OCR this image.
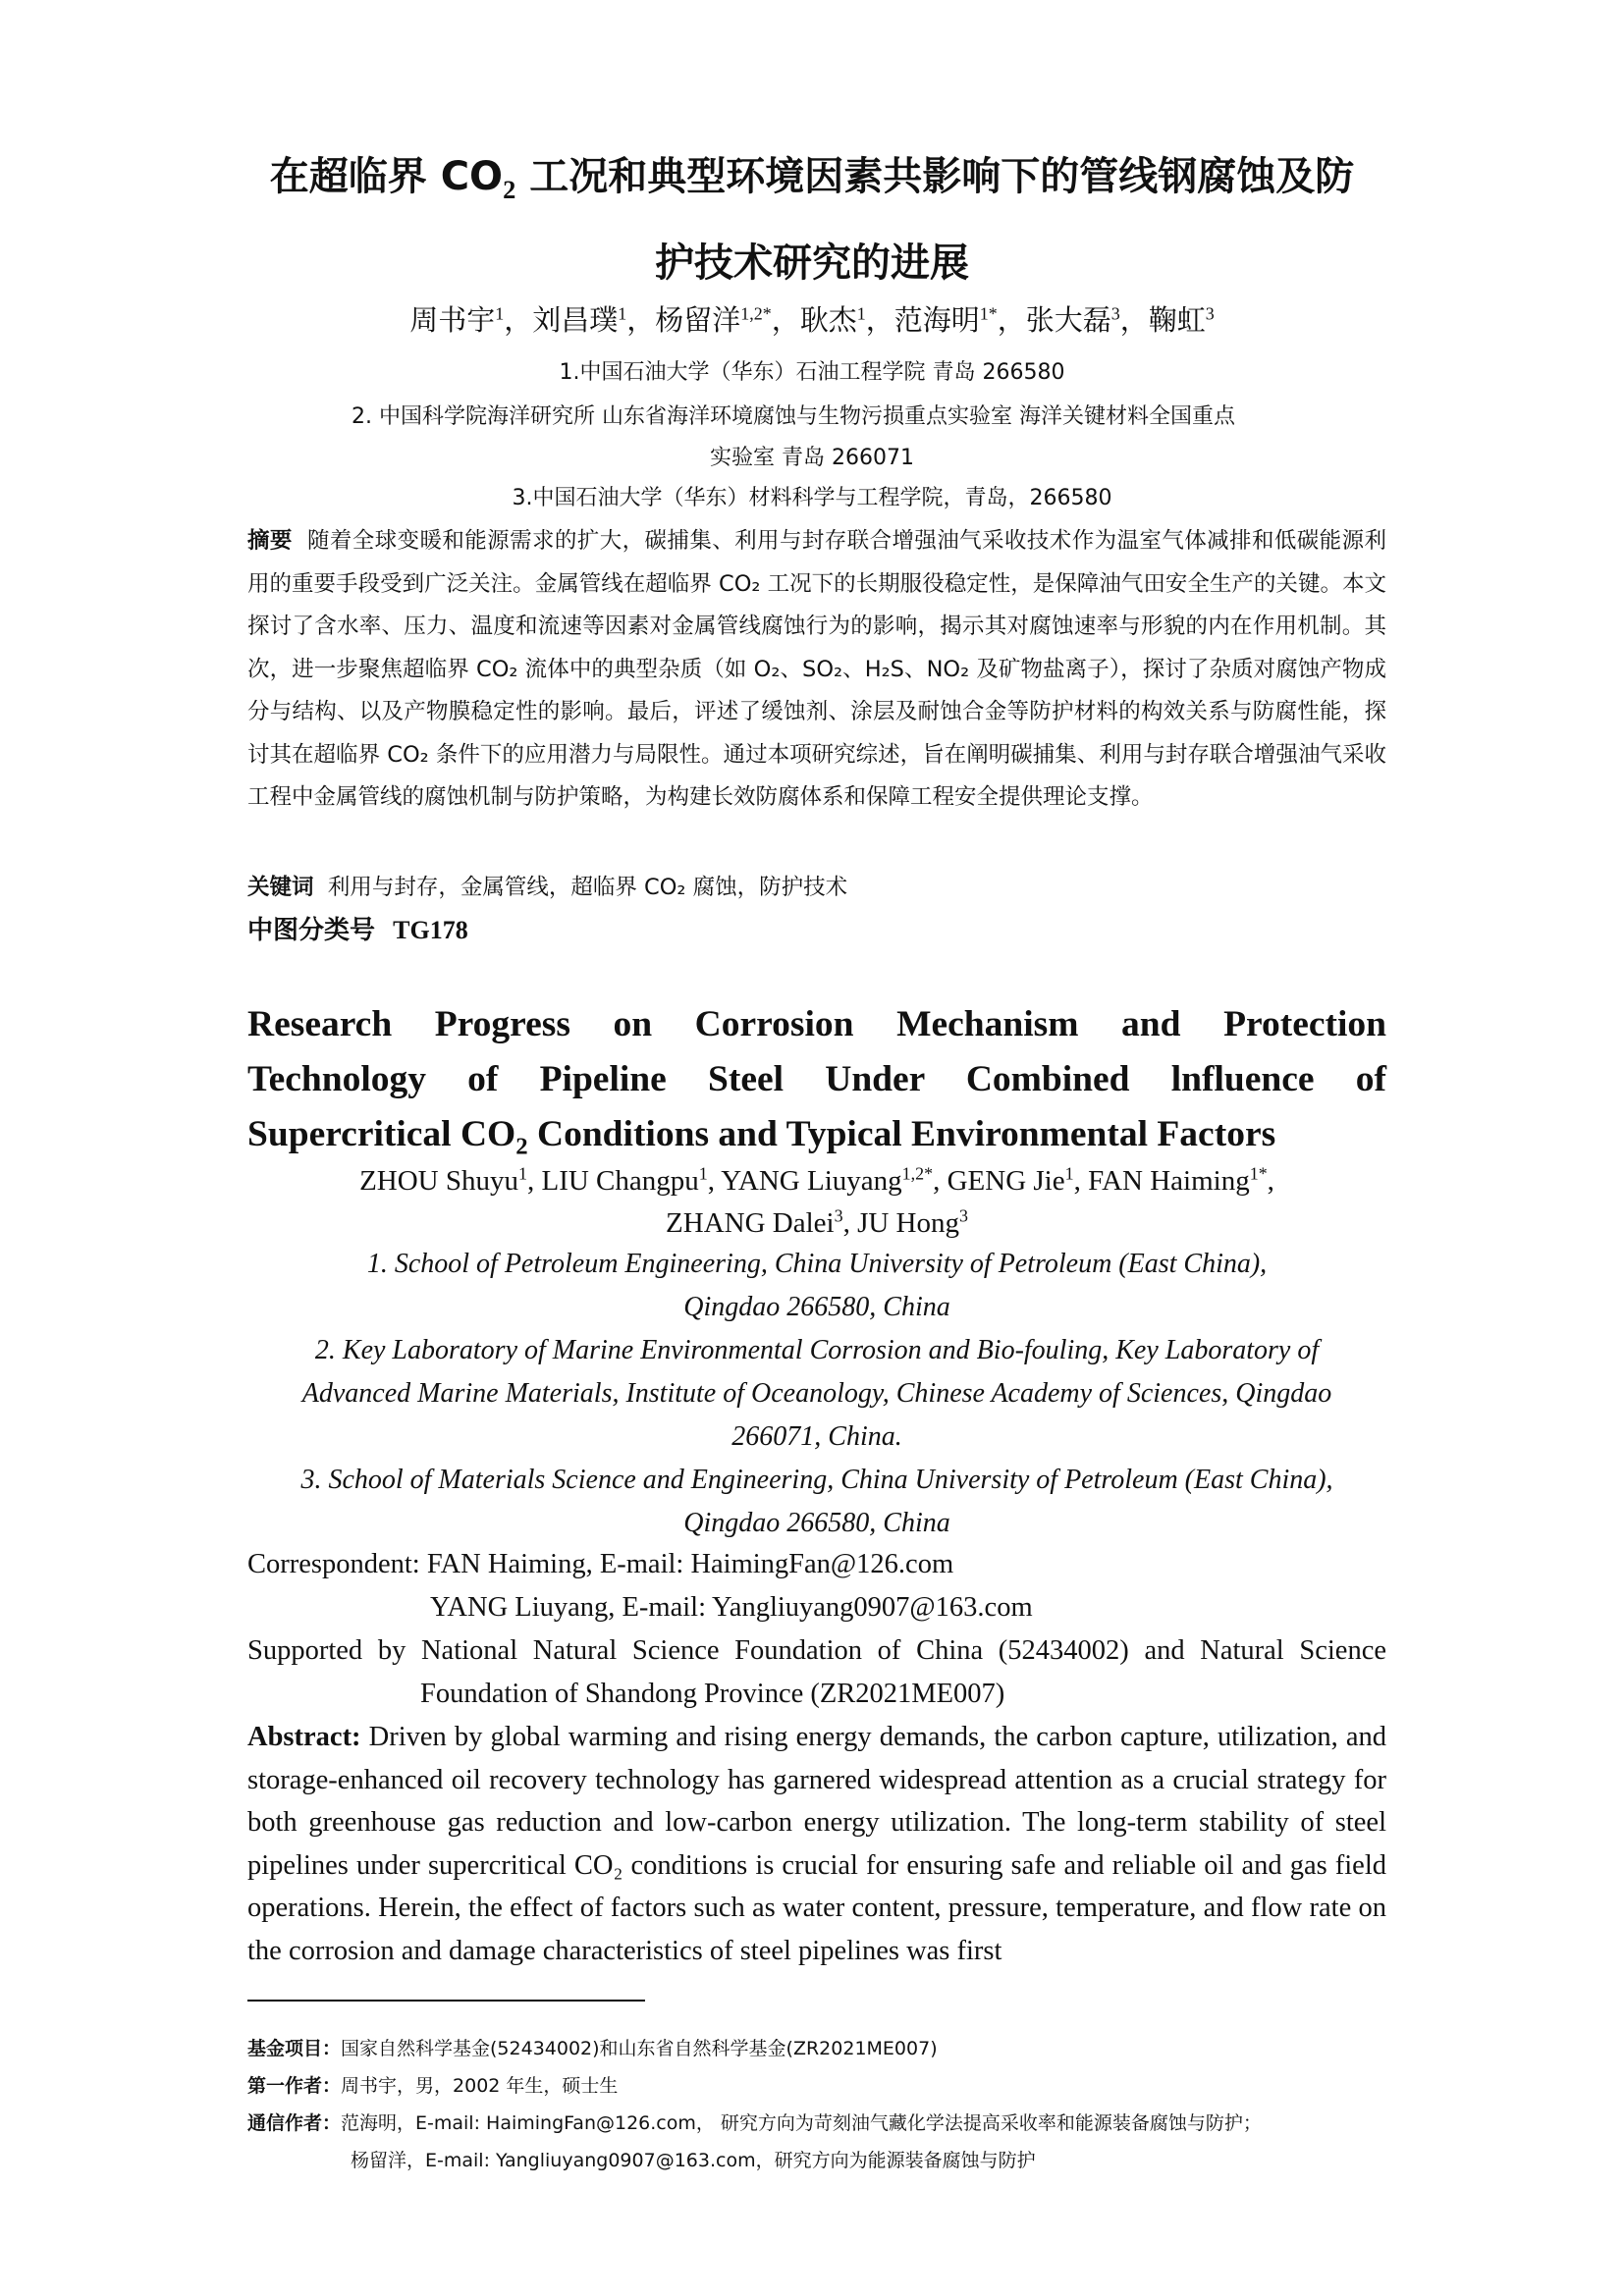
在超临界 $CO_2$ 工况和典型环境因素共影响下的管线钢腐蚀及防
护技术研究的进展
周书宇$^1$，刘昌璞$^1$，杨留洋$^{1,2*}$，耿杰$^1$，范海明$^{1*}$，张大磊$^3$，鞠虹$^3$
1.中国石油大学（华东）石油工程学院 青岛 266580
2. 中国科学院海洋研究所 山东省海洋环境腐蚀与生物污损重点实验室 海洋关键材料全国重点
实验室 青岛 266071
3.中国石油大学（华东）材料科学与工程学院，青岛，266580
摘要 随着全球变暖和能源需求的扩大，碳捕集、利用与封存联合增强油气采收技术作为温室气体减排和低碳能源利用的重要手段受到广泛关注。金属管线在超临界 CO₂ 工况下的长期服役稳定性，是保障油气田安全生产的关键。本文探讨了含水率、压力、温度和流速等因素对金属管线腐蚀行为的影响，揭示其对腐蚀速率与形貌的内在作用机制。其次，进一步聚焦超临界 CO₂ 流体中的典型杂质（如 O₂、SO₂、H₂S、NO₂ 及矿物盐离子），探讨了杂质对腐蚀产物成分与结构、以及产物膜稳定性的影响。最后，评述了缓蚀剂、涂层及耐蚀合金等防护材料的构效关系与防腐性能，探讨其在超临界 CO₂ 条件下的应用潜力与局限性。通过本项研究综述，旨在阐明碳捕集、利用与封存联合增强油气采收工程中金属管线的腐蚀机制与防护策略，为构建长效防腐体系和保障工程安全提供理论支撑。
关键词 利用与封存，金属管线，超临界 CO₂ 腐蚀，防护技术
中图分类号 TG178
Research Progress on Corrosion Mechanism and Protection
Technology of Pipeline Steel Under Combined lnfluence of
Supercritical $CO_2$ Conditions and Typical Environmental Factors
ZHOU Shuyu$^1$, LIU Changpu$^1$, YANG Liuyang$^{1,2*}$, GENG Jie$^1$, FAN Haiming$^{1*}$,
ZHANG Dalei$^3$, JU Hong$^3$
1. School of Petroleum Engineering, China University of Petroleum (East China),
Qingdao 266580, China
2. Key Laboratory of Marine Environmental Corrosion and Bio-fouling, Key Laboratory of
Advanced Marine Materials, Institute of Oceanology, Chinese Academy of Sciences, Qingdao
266071, China.
3. School of Materials Science and Engineering, China University of Petroleum (East China),
Qingdao 266580, China
Correspondent: FAN Haiming, E-mail: HaimingFan@126.com
YANG Liuyang, E-mail: Yangliuyang0907@163.com
Supported by National Natural Science Foundation of China (52434002) and Natural Science
Foundation of Shandong Province (ZR2021ME007)
Abstract: Driven by global warming and rising energy demands, the carbon capture, utilization, and storage-enhanced oil recovery technology has garnered widespread attention as a crucial strategy for both greenhouse gas reduction and low-carbon energy utilization. The long-term stability of steel pipelines under supercritical CO₂ conditions is crucial for ensuring safe and reliable oil and gas field operations. Herein, the effect of factors such as water content, pressure, temperature, and flow rate on the corrosion and damage characteristics of steel pipelines was first
基金项目：国家自然科学基金(52434002)和山东省自然科学基金(ZR2021ME007)
第一作者：周书宇，男，2002 年生，硕士生
通信作者：范海明，E-mail: HaimingFan@126.com， 研究方向为苛刻油气藏化学法提高采收率和能源装备腐蚀与防护；
杨留洋，E-mail: Yangliuyang0907@163.com，研究方向为能源装备腐蚀与防护
